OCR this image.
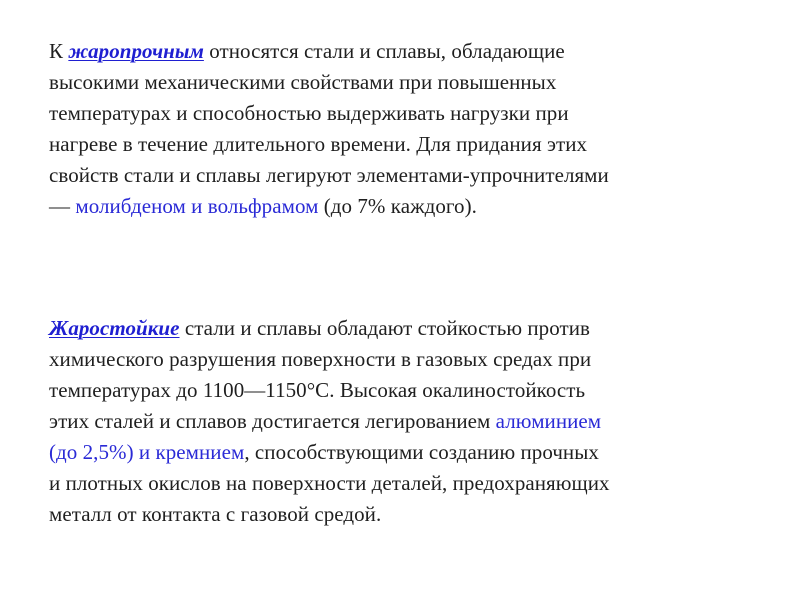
К жаропрочным относятся стали и сплавы, обладающие
высокими механическими свойствами при повышенных
температурах и способностью выдерживать нагрузки при
нагреве в течение длительного времени. Для придания этих
свойств стали и сплавы легируют элементами-упрочнителями
— молибденом и вольфрамом (до 7% каждого).

Жаростойкие стали и сплавы обладают стойкостью против
химического разрушения поверхности в газовых средах при
температурах до 1100—1150°С. Высокая окалиностойкость
этих сталей и сплавов достигается легированием алюминием
(до 2,5%) и кремнием, способствующими созданию прочных
и плотных окислов на поверхности деталей, предохраняющих
металл от контакта с газовой средой.
